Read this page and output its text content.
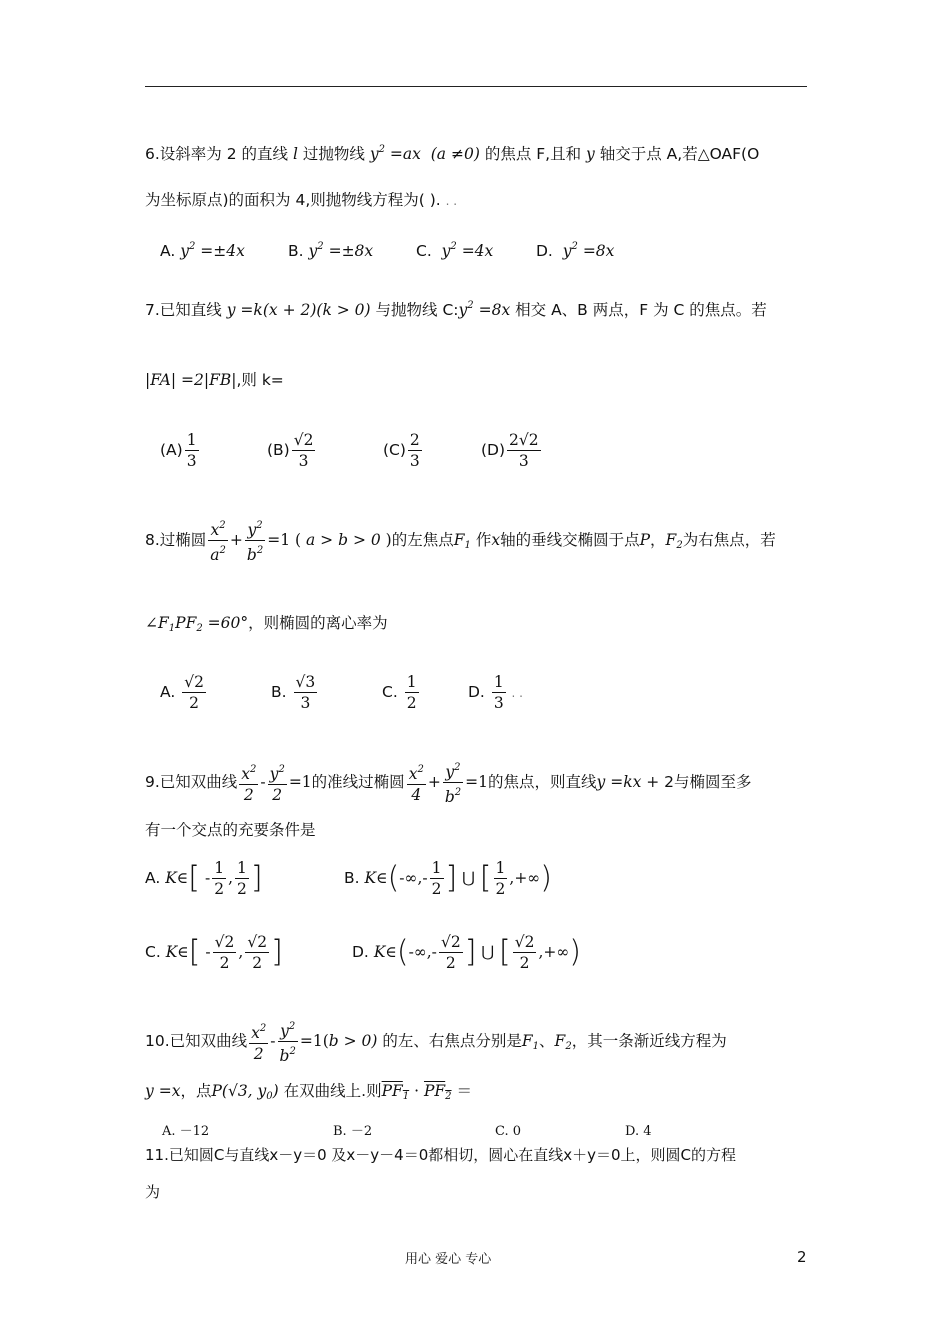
6.设斜率为 2 的直线 l 过抛物线 $y^2 =ax$  (a ≠0) 的焦点 F,且和 y 轴交于点 A,若△OAF(O
为坐标原点)的面积为 4,则抛物线方程为( ). . .
A. $y^2 =\pm 4x$	B. $y^2 =\pm 8x$	C. $y^2 =4x$	D. $y^2 =8x$
7.已知直线 y =k(x + 2)(k > 0) 与抛物线 $C:y^2 =8x$ 相交 A、B 两点，F 为 C 的焦点。若
|FA| =2|FB|,则 k=
$(A) \frac{1}{3}$	$(B) \frac{√2}{3}$	$(C) \frac{2}{3}$	$(D) \frac{2√2}{3}$
8.过椭圆 $\frac{x^2}{a^2} + \frac{y^2}{b^2} =1$ ( a > b > 0 )的左焦点$F_1$ 作x轴的垂线交椭圆于点P，$F_2$为右焦点，若
$\angle F_1PF_2 =60^\circ$，则椭圆的离心率为
A. $\frac{√2}{2}$	B. $\frac{√3}{3}$	C. $\frac{1}{2}$	D. $\frac{1}{3}$ . .
9.已知双曲线 $\frac{x^2}{2} - \frac{y^2}{2} =1$的准线过椭圆 $\frac{x^2}{4} + \frac{y^2}{b^2} =1$的焦点，则直线y =kx + 2与椭圆至多
有一个交点的充要条件是
A. K∈[ - $\frac{1}{2}$ , $\frac{1}{2}$ ]	B. K∈(-∞,- $\frac{1}{2}$ ] ⋃ [ $\frac{1}{2}$ ,+∞)
C. K∈[ - $\frac{√2}{2}$ , $\frac{√2}{2}$ ]	D. K∈(-∞,- $\frac{√2}{2}$ ] ⋃ [ $\frac{√2}{2}$ ,+∞)
10.已知双曲线 $\frac{x^2}{2} - \frac{y^2}{b^2} =1(b > 0)$ 的左、右焦点分别是$F_1$、$F_2$，其一条渐近线方程为
y =x，点P(√3, $y_0$) 在双曲线上.则$PF_1 \cdot PF_2$ ＝
A. －12	B. －2	C. 0	D. 4
11.已知圆C与直线x－y＝0 及x－y－4＝0都相切，圆心在直线x＋y＝0上，则圆C的方程
为
用心 爱心 专心	2
